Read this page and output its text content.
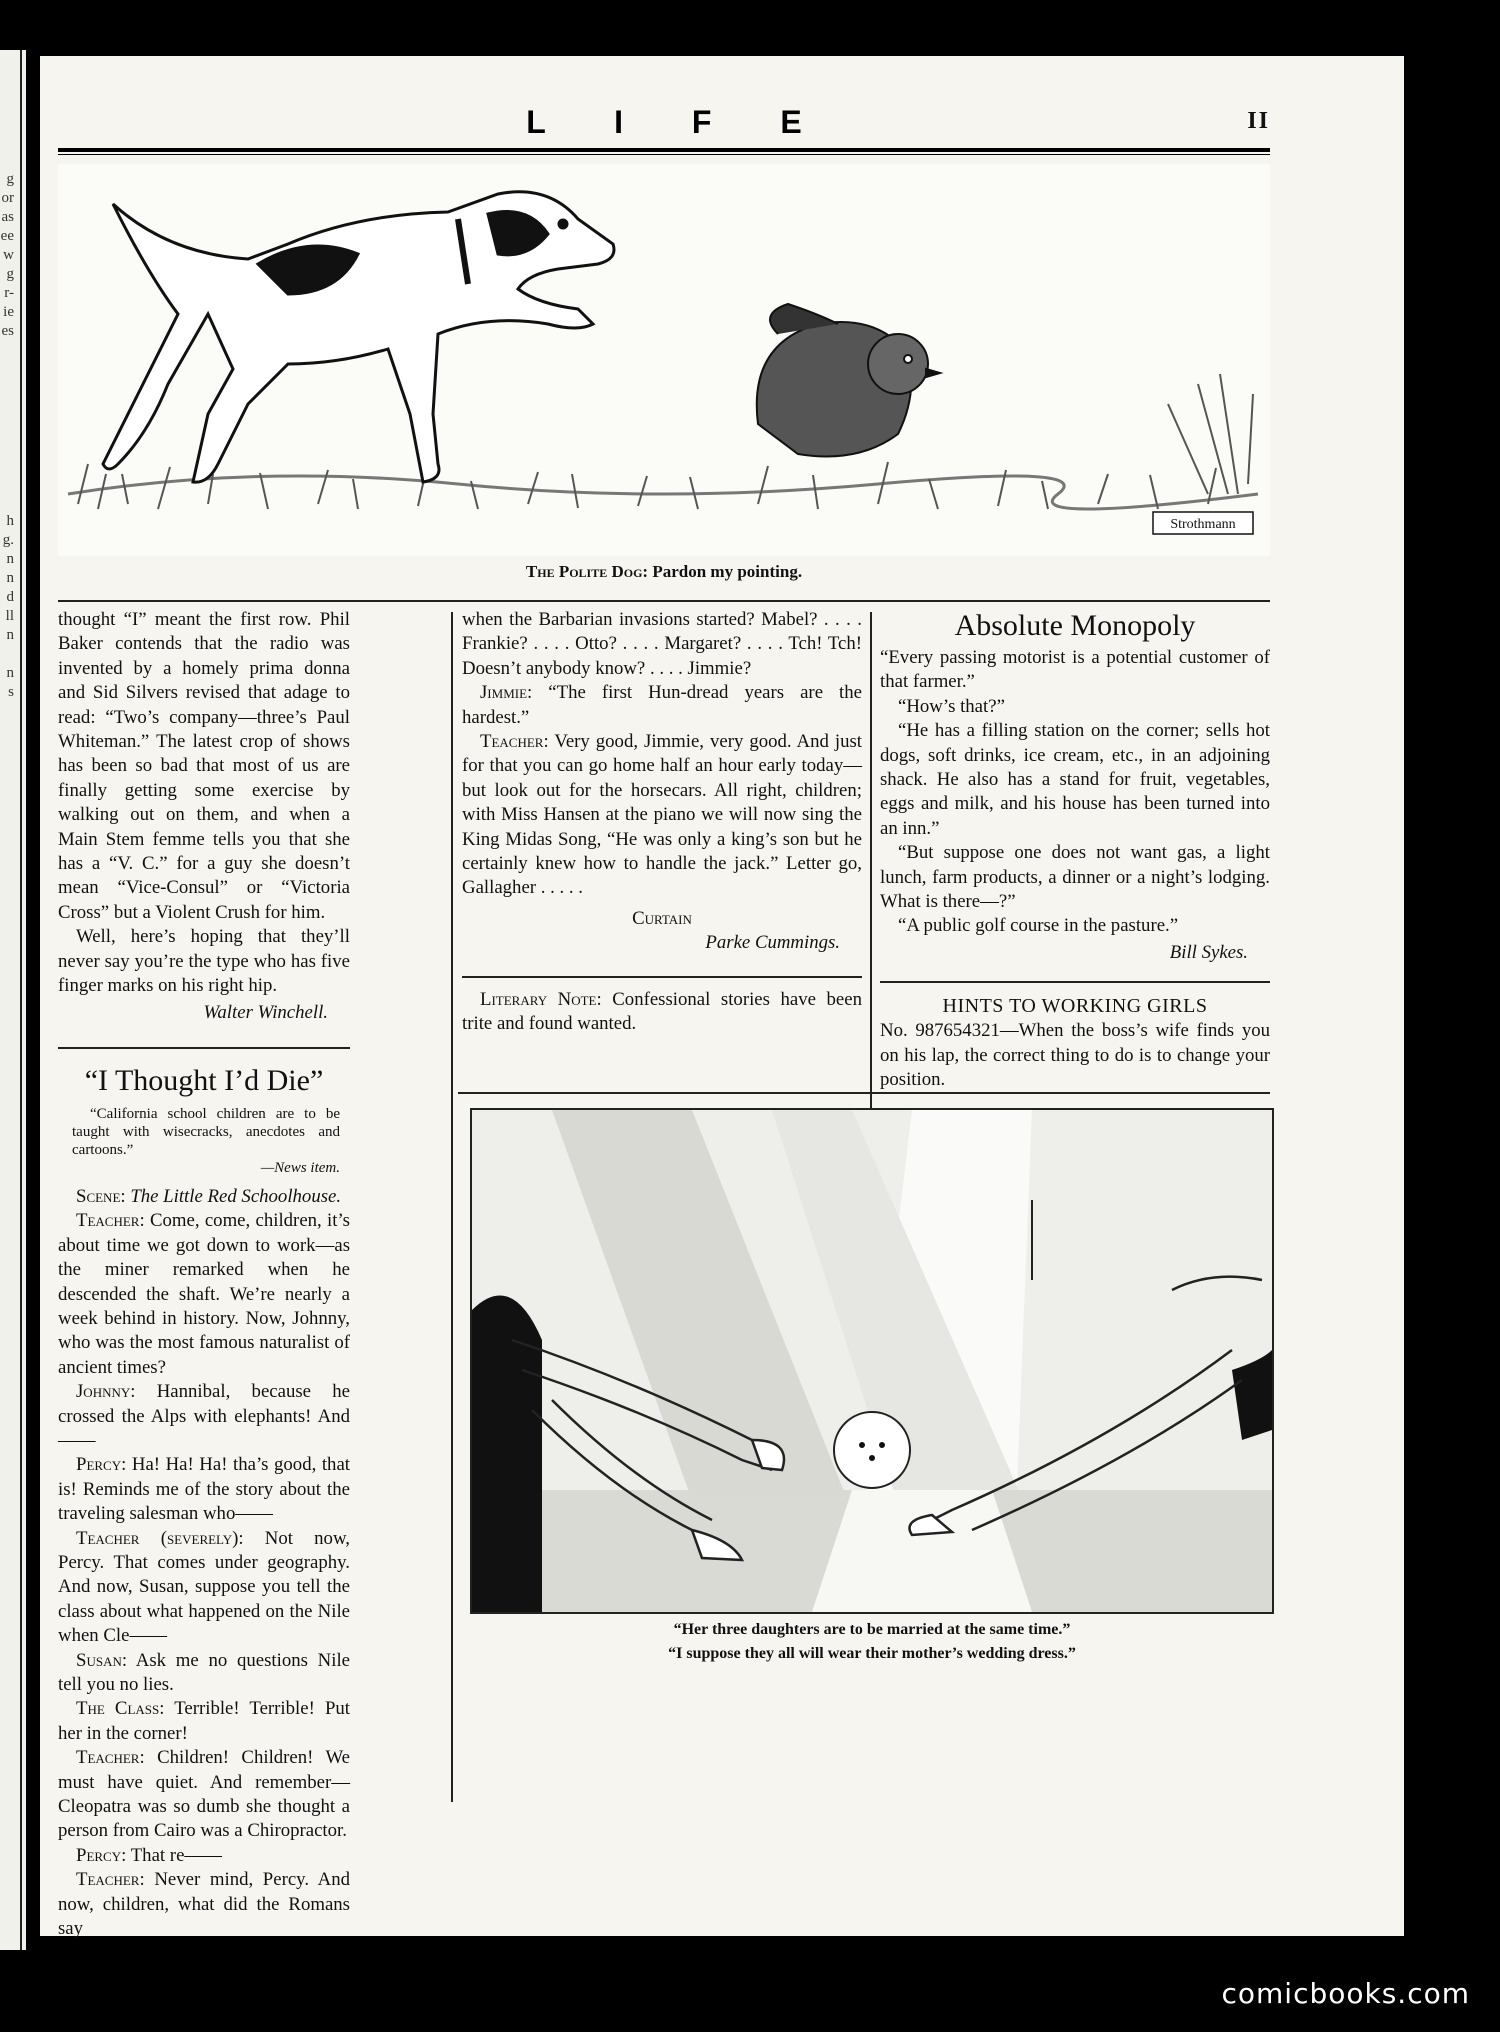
g
or
as
ee
w
g
r-
ie
es

h
g.
n
n
d
ll
n

n
s
L I F E	II
Strothmann
The Polite Dog: Pardon my pointing.

thought “I” meant the first row. Phil Baker contends that the radio was invented by a homely prima donna and Sid Silvers revised that adage to read: “Two’s company—three’s Paul Whiteman.” The latest crop of shows has been so bad that most of us are finally getting some exercise by walking out on them, and when a Main Stem femme tells you that she has a “V. C.” for a guy she doesn’t mean “Vice-Consul” or “Victoria Cross” but a Violent Crush for him.

Well, here’s hoping that they’ll never say you’re the type who has five finger marks on his right hip.

Walter Winchell.
“I Thought I’d Die”

“California school children are to be taught with wisecracks, anecdotes and cartoons.”

—News item.

Scene: The Little Red Schoolhouse.

Teacher: Come, come, children, it’s about time we got down to work—as the miner remarked when he descended the shaft. We’re nearly a week behind in history. Now, Johnny, who was the most famous naturalist of ancient times?

Johnny: Hannibal, because he crossed the Alps with elephants! And——

Percy: Ha! Ha! Ha! tha’s good, that is! Reminds me of the story about the traveling salesman who——

Teacher (severely): Not now, Percy. That comes under geography. And now, Susan, suppose you tell the class about what happened on the Nile when Cle——

Susan: Ask me no questions Nile tell you no lies.

The Class: Terrible! Terrible! Put her in the corner!

Teacher: Children! Children! We must have quiet. And remember—Cleopatra was so dumb she thought a person from Cairo was a Chiropractor.

Percy: That re——

Teacher: Never mind, Percy. And now, children, what did the Romans say

when the Barbarian invasions started? Mabel? . . . . Frankie? . . . . Otto? . . . . Margaret? . . . . Tch! Tch! Doesn’t anybody know? . . . . Jimmie?

Jimmie: “The first Hun-dread years are the hardest.”

Teacher: Very good, Jimmie, very good. And just for that you can go home half an hour early today—but look out for the horsecars. All right, children; with Miss Hansen at the piano we will now sing the King Midas Song, “He was only a king’s son but he certainly knew how to handle the jack.” Letter go, Gallagher . . . . .

Curtain
Parke Cummings.

Literary Note: Confessional stories have been trite and found wanted.

Absolute Monopoly

“Every passing motorist is a potential customer of that farmer.”

“How’s that?”

“He has a filling station on the corner; sells hot dogs, soft drinks, ice cream, etc., in an adjoining shack. He also has a stand for fruit, vegetables, eggs and milk, and his house has been turned into an inn.”

“But suppose one does not want gas, a light lunch, farm products, a dinner or a night’s lodging. What is there—?”

“A public golf course in the pasture.”

Bill Sykes.
HINTS TO WORKING GIRLS

No. 987654321—When the boss’s wife finds you on his lap, the correct thing to do is to change your position.

“Her three daughters are to be married at the same time.”
“I suppose they all will wear their mother’s wedding dress.”
comicbooks.com
